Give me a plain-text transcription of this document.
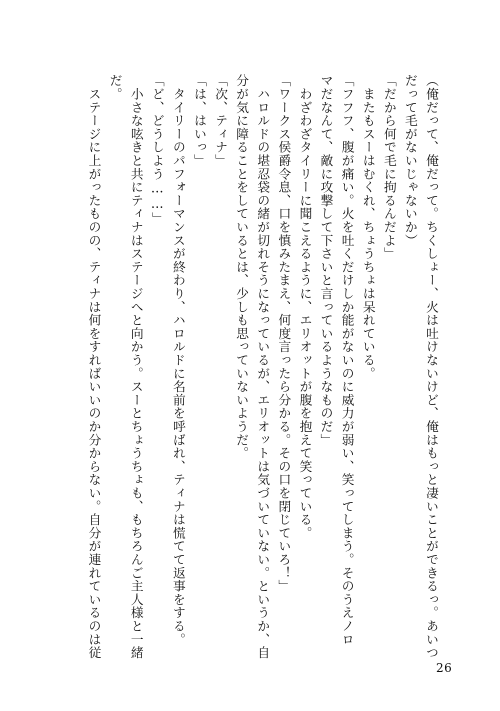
（俺だって、俺だって。ちくしょー、火は吐けないけど、俺はもっと凄いことができるっ。あいつ
だって毛がないじゃないか）
「だから何で毛に拘るんだよ」
　またもスーはむくれ、ちょうちょは呆れている。
「フフフ、腹が痛い。火を吐くだけしか能がないのに威力が弱い、笑ってしまう。そのうえノロ
マだなんて、敵に攻撃して下さいと言っているようなものだ」
　わざわざタイリーに聞こえるように、エリオットが腹を抱えて笑っている。
「ワークス侯爵令息、口を慎みたまえ、何度言ったら分かる。その口を閉じていろ！」
　ハロルドの堪忍袋の緒が切れそうになっているが、エリオットは気づいていない。というか、自
分が気に障ることをしているとは、少しも思っていないようだ。
「次、ティナ」
「は、はいっ」
　タイリーのパフォーマンスが終わり、ハロルドに名前を呼ばれ、ティナは慌てて返事をする。
「ど、どうしよう……」
　小さな呟きと共にティナはステージへと向かう。スーとちょうちょも、もちろんご主人様と一緒
だ。
　ステージに上がったものの、ティナは何をすればいいのか分からない。自分が連れているのは従
26
